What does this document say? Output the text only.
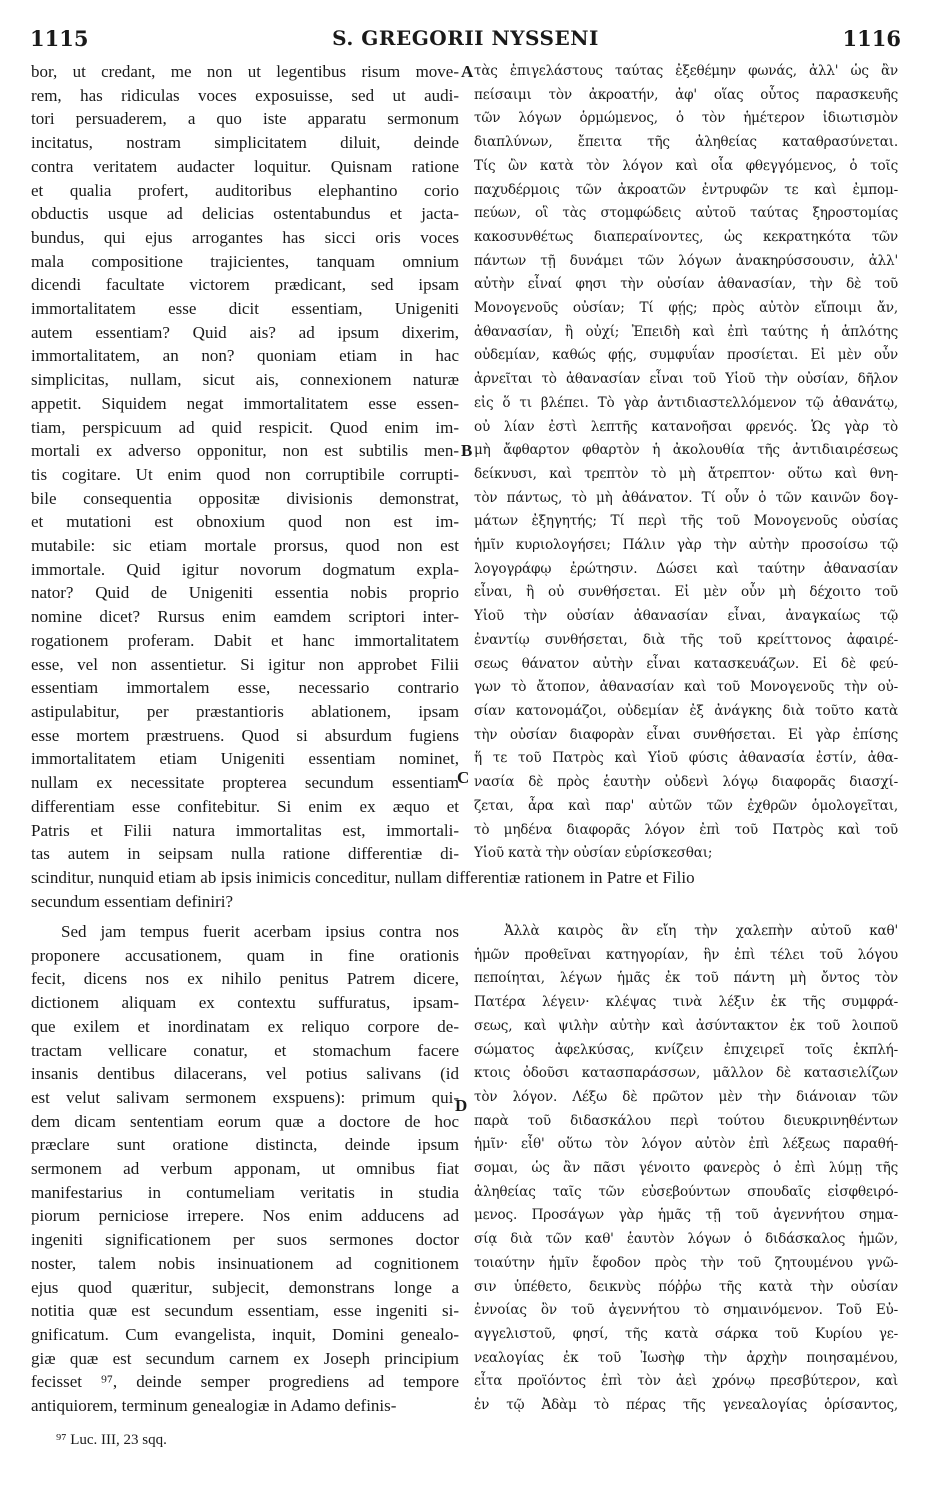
1115	S. GREGORII NYSSENI	1116
bor, ut credant, me non ut legentibus risum move-
rem, has ridiculas voces exposuisse, sed ut audi-
tori persuaderem, a quo iste apparatu sermonum
incitatus, nostram simplicitatem diluit, deinde
contra veritatem audacter loquitur. Quisnam ratione
et qualia profert, auditoribus elephantino corio
obductis usque ad delicias ostentabundus et jacta-
bundus, qui ejus arrogantes has sicci oris voces
mala compositione trajicientes, tanquam omnium
dicendi facultate victorem prædicant, sed ipsam
immortalitatem esse dicit essentiam, Unigeniti
autem essentiam? Quid ais? ad ipsum dixerim,
immortalitatem, an non? quoniam etiam in hac
simplicitas, nullam, sicut ais, connexionem naturæ
appetit. Siquidem negat immortalitatem esse essen-
tiam, perspicuum ad quid respicit. Quod enim im-
mortali ex adverso opponitur, non est subtilis men-
tis cogitare. Ut enim quod non corruptibile corrupti-
bile consequentia oppositæ divisionis demonstrat,
et mutationi est obnoxium quod non est im-
mutabile: sic etiam mortale prorsus, quod non est
immortale. Quid igitur novorum dogmatum expla-
nator? Quid de Unigeniti essentia nobis proprio
nomine dicet? Rursus enim eamdem scriptori inter-
rogationem proferam. Dabit et hanc immortalitatem
esse, vel non assentietur. Si igitur non approbet Filii
essentiam immortalem esse, necessario contrario
astipulabitur, per præstantioris ablationem, ipsam
esse mortem præstruens. Quod si absurdum fugiens
immortalitatem etiam Unigeniti essentiam nominet,
nullam ex necessitate propterea secundum essentiam
differentiam esse confitebitur. Si enim ex æquo et
Patris et Filii natura immortalitas est, immortali-
tas autem in seipsam nulla ratione differentiæ di-
τὰς ἐπιγελάστους ταύτας ἐξεθέμην φωνάς, ἀλλ' ὡς ἂν
πείσαιμι τὸν ἀκροατήν, ἀφ' οἵας οὗτος παρασκευῆς
τῶν λόγων ὁρμώμενος, ὁ τὸν ἡμέτερον ἰδιωτισμὸν
διαπλύνων, ἔπειτα τῆς ἀληθείας καταθρασύνεται.
Τίς ὢν κατὰ τὸν λόγον καὶ οἷα φθεγγόμενος, ὁ τοῖς
παχυδέρμοις τῶν ἀκροατῶν ἐντρυφῶν τε καὶ ἐμπομ-
πεύων, οἳ τὰς στομφώδεις αὐτοῦ ταύτας ξηροστομίας
κακοσυνθέτως διαπεραίνοντες, ὡς κεκρατηκότα τῶν
πάντων τῇ δυνάμει τῶν λόγων ἀνακηρύσσουσιν, ἀλλ'
αὐτὴν εἶναί φησι τὴν οὐσίαν ἀθανασίαν, τὴν δὲ τοῦ
Μονογενοῦς οὐσίαν; Τί φῄς; πρὸς αὐτὸν εἴποιμι ἄν,
ἀθανασίαν, ἢ οὐχί; Ἐπειδὴ καὶ ἐπὶ ταύτης ἡ ἁπλότης
οὐδεμίαν, καθώς φῄς, συμφυΐαν προσίεται. Εἰ μὲν οὖν
ἀρνεῖται τὸ ἀθανασίαν εἶναι τοῦ Υἱοῦ τὴν οὐσίαν, δῆλον
εἰς ὅ τι βλέπει. Τὸ γὰρ ἀντιδιαστελλόμενον τῷ ἀθανάτῳ,
οὐ λίαν ἐστὶ λεπτῆς κατανοῆσαι φρενός. Ὡς γὰρ τὸ
μὴ ἄφθαρτον φθαρτὸν ἡ ἀκολουθία τῆς ἀντιδιαιρέσεως
δείκνυσι, καὶ τρεπτὸν τὸ μὴ ἄτρεπτον· οὕτω καὶ θνη-
τὸν πάντως, τὸ μὴ ἀθάνατον. Τί οὖν ὁ τῶν καινῶν δογ-
μάτων ἐξηγητής; Τί περὶ τῆς τοῦ Μονογενοῦς οὐσίας
ἡμῖν κυριολογήσει; Πάλιν γὰρ τὴν αὐτὴν προσοίσω τῷ
λογογράφῳ ἐρώτησιν. Δώσει καὶ ταύτην ἀθανασίαν
εἶναι, ἢ οὐ συνθήσεται. Εἰ μὲν οὖν μὴ δέχοιτο τοῦ
Υἱοῦ τὴν οὐσίαν ἀθανασίαν εἶναι, ἀναγκαίως τῷ
ἐναντίῳ συνθήσεται, διὰ τῆς τοῦ κρείττονος ἀφαιρέ-
σεως θάνατον αὐτὴν εἶναι κατασκευάζων. Εἰ δὲ φεύ-
γων τὸ ἄτοπον, ἀθανασίαν καὶ τοῦ Μονογενοῦς τὴν οὐ-
σίαν κατονομάζοι, οὐδεμίαν ἐξ ἀνάγκης διὰ τοῦτο κατὰ
τὴν οὐσίαν διαφορὰν εἶναι συνθήσεται. Εἰ γὰρ ἐπίσης
ἥ τε τοῦ Πατρὸς καὶ Υἱοῦ φύσις ἀθανασία ἐστίν, ἀθα-
νασία δὲ πρὸς ἑαυτὴν οὐδενὶ λόγῳ διαφορᾶς διασχί-
ζεται, ἆρα καὶ παρ' αὐτῶν τῶν ἐχθρῶν ὁμολογεῖται,
τὸ μηδένα διαφορᾶς λόγον ἐπὶ τοῦ Πατρὸς καὶ τοῦ
Υἱοῦ κατὰ τὴν οὐσίαν εὑρίσκεσθαι;
A
B
C
D
scinditur, nunquid etiam ab ipsis inimicis conceditur, nullam differentiæ rationem in Patre et Filio
secundum essentiam definiri?
Sed jam tempus fuerit acerbam ipsius contra nos
proponere accusationem, quam in fine orationis
fecit, dicens nos ex nihilo penitus Patrem dicere,
dictionem aliquam ex contextu suffuratus, ipsam-
que exilem et inordinatam ex reliquo corpore de-
tractam vellicare conatur, et stomachum facere
insanis dentibus dilacerans, vel potius salivans (id
est velut salivam sermonem exspuens): primum qui-
dem dicam sententiam eorum quæ a doctore de hoc
præclare sunt oratione distincta, deinde ipsum
sermonem ad verbum apponam, ut omnibus fiat
manifestarius in contumeliam veritatis in studia
piorum perniciose irrepere. Nos enim adducens ad
ingeniti significationem per suos sermones doctor
noster, talem nobis insinuationem ad cognitionem
ejus quod quæritur, subjecit, demonstrans longe a
notitia quæ est secundum essentiam, esse ingeniti si-
gnificatum. Cum evangelista, inquit, Domini genealo-
giæ quæ est secundum carnem ex Joseph principium
fecisset ⁹⁷, deinde semper progrediens ad tempore
antiquiorem, terminum genealogiæ in Adamo definis-
Ἀλλὰ καιρὸς ἂν εἴη τὴν χαλεπὴν αὐτοῦ καθ'
ἡμῶν προθεῖναι κατηγορίαν, ἣν ἐπὶ τέλει τοῦ λόγου
πεποίηται, λέγων ἡμᾶς ἐκ τοῦ πάντη μὴ ὄντος τὸν
Πατέρα λέγειν· κλέψας τινὰ λέξιν ἐκ τῆς συμφρά-
σεως, καὶ ψιλὴν αὐτὴν καὶ ἀσύντακτον ἐκ τοῦ λοιποῦ
σώματος ἀφελκύσας, κνίζειν ἐπιχειρεῖ τοῖς ἐκπλή-
κτοις ὀδοῦσι κατασπαράσσων, μᾶλλον δὲ κατασιελίζων
τὸν λόγον. Λέξω δὲ πρῶτον μὲν τὴν διάνοιαν τῶν
παρὰ τοῦ διδασκάλου περὶ τούτου διευκρινηθέντων
ἡμῖν· εἶθ' οὕτω τὸν λόγον αὐτὸν ἐπὶ λέξεως παραθή-
σομαι, ὡς ἂν πᾶσι γένοιτο φανερὸς ὁ ἐπὶ λύμῃ τῆς
ἀληθείας ταῖς τῶν εὐσεβούντων σπουδαῖς εἰσφθειρό-
μενος. Προσάγων γὰρ ἡμᾶς τῇ τοῦ ἀγεννήτου σημα-
σίᾳ διὰ τῶν καθ' ἑαυτὸν λόγων ὁ διδάσκαλος ἡμῶν,
τοιαύτην ἡμῖν ἔφοδον πρὸς τὴν τοῦ ζητουμένου γνῶ-
σιν ὑπέθετο, δεικνὺς πόῤῥω τῆς κατὰ τὴν οὐσίαν
ἐννοίας ὂν τοῦ ἀγεννήτου τὸ σημαινόμενον. Τοῦ Εὐ-
αγγελιστοῦ, φησί, τῆς κατὰ σάρκα τοῦ Κυρίου γε-
νεαλογίας ἐκ τοῦ Ἰωσὴφ τὴν ἀρχὴν ποιησαμένου,
εἶτα προϊόντος ἐπὶ τὸν ἀεὶ χρόνῳ πρεσβύτερον, καὶ
ἐν τῷ Ἀδὰμ τὸ πέρας τῆς γενεαλογίας ὁρίσαντος,
⁹⁷ Luc. III, 23 sqq.
